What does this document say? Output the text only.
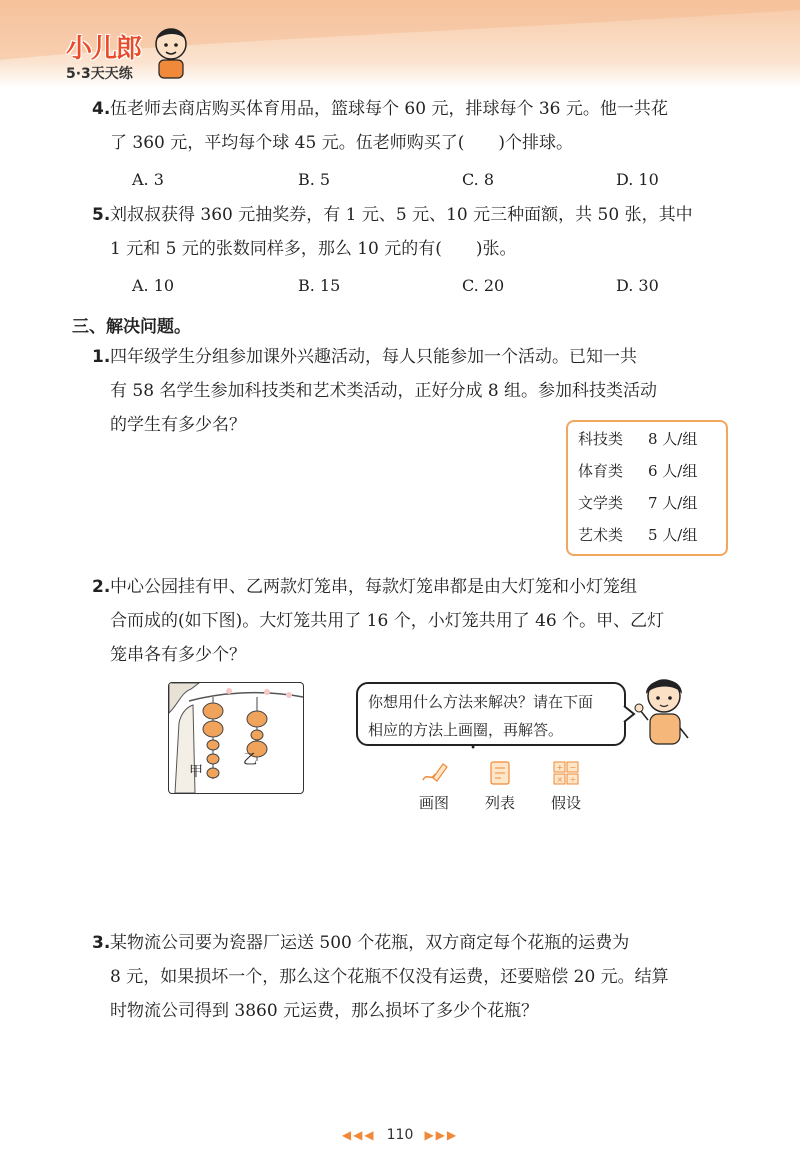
小儿郎
5·3天天练
4. 伍老师去商店购买体育用品，篮球每个 60 元，排球每个 36 元。他一共花
了 360 元，平均每个球 45 元。伍老师购买了(　　)个排球。
A. 3	B. 5	C. 8	D. 10
5. 刘叔叔获得 360 元抽奖券，有 1 元、5 元、10 元三种面额，共 50 张，其中
1 元和 5 元的张数同样多，那么 10 元的有(　　)张。
A. 10	B. 15	C. 20	D. 30
三、解决问题。
1. 四年级学生分组参加课外兴趣活动，每人只能参加一个活动。已知一共
有 58 名学生参加科技类和艺术类活动，正好分成 8 组。参加科技类活动
的学生有多少名？
科技类 8 人/组
体育类 6 人/组
文学类 7 人/组
艺术类 5 人/组
2. 中心公园挂有甲、乙两款灯笼串，每款灯笼串都是由大灯笼和小灯笼组
合而成的(如下图)。大灯笼共用了 16 个，小灯笼共用了 46 个。甲、乙灯
笼串各有多少个？
甲
乙
你想用什么方法来解决？请在下面
相应的方法上画圈，再解答。
画图	列表
+ −
× ÷
假设
3. 某物流公司要为瓷器厂运送 500 个花瓶，双方商定每个花瓶的运费为
8 元，如果损坏一个，那么这个花瓶不仅没有运费，还要赔偿 20 元。结算
时物流公司得到 3860 元运费，那么损坏了多少个花瓶？
◀◀◀ 110 ▶▶▶
